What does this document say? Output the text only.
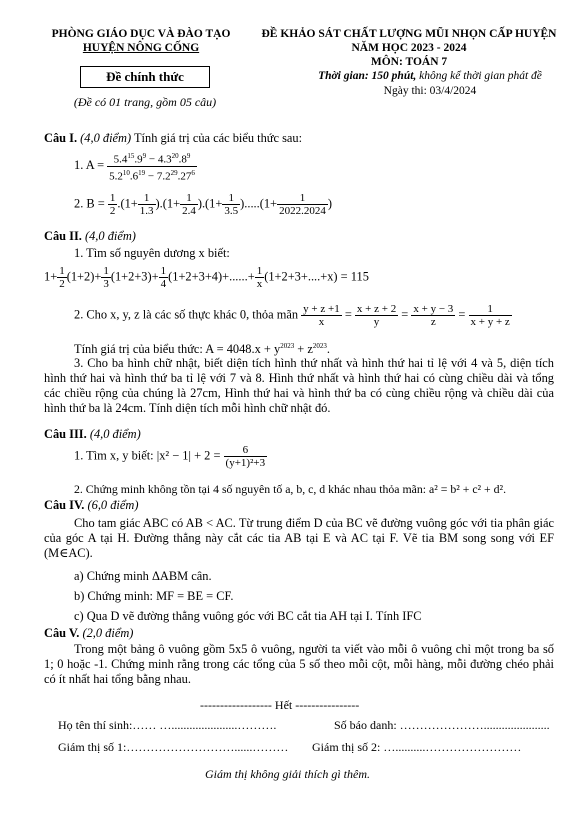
PHÒNG GIÁO DỤC VÀ ĐÀO TẠO
HUYỆN NÔNG CỐNG
Đề chính thức
(Đề có 01 trang, gồm 05 câu)
ĐỀ KHẢO SÁT CHẤT LƯỢNG MŨI NHỌN CẤP HUYỆN
NĂM HỌC 2023 - 2024
MÔN: TOÁN 7
Thời gian: 150 phút, không kể thời gian phát đề
Ngày thi: 03/4/2024
Câu I. (4,0 điểm) Tính giá trị của các biểu thức sau:
1. $A = \frac{5.4^{15}.9^9 - 4.3^{20}.8^9}{5.2^{10}.6^{19} - 7.2^{29}.27^6}$
2. $B = \frac{1}{2} .(1+ \frac{1}{1.3} ).(1+ \frac{1}{2.4} ).(1+ \frac{1}{3.5} ).....(1+ \frac{1}{2022.2024}$ )
Câu II. (4,0 điểm)
1. Tìm số nguyên dương x biết:
$1+ \frac{1}{2} (1+2)+ \frac{1}{3} (1+2+3)+ \frac{1}{4} (1+2+3+4)+......+ \frac{1}{x} (1+2+3+....+x) = 115$
2. Cho x, y, z là các số thực khác 0, thỏa mãn $\frac{y + z +1}{x} = \frac{x + z + 2}{y} = \frac{x + y - 3}{z} = \frac{1}{x + y + z}$
Tính giá trị của biểu thức: $A = 4048.x + y^{2023} + z^{2023}$.
3. Cho ba hình chữ nhật, biết diện tích hình thứ nhất và hình thứ hai tỉ lệ với 4 và 5, diện tích hình thứ hai và hình thứ ba tỉ lệ với 7 và 8. Hình thứ nhất và hình thứ hai có cùng chiều dài và tổng các chiều rộng của chúng là 27cm, Hình thứ hai và hình thứ ba có cùng chiều rộng và chiều dài của hình thứ ba là 24cm. Tính diện tích mỗi hình chữ nhật đó.
Câu III. (4,0 điểm)
1. Tìm x, y biết: $|x^2 - 1| + 2 = \frac{6}{\text{(y+1)²+3}}$
2. Chứng minh không tồn tại 4 số nguyên tố a, b, c, d khác nhau thỏa mãn: a² = b² + c² + d².
Câu IV. (6,0 điểm)
Cho tam giác ABC có AB < AC. Từ trung điểm D của BC vẽ đường vuông góc với tia phân giác của góc A tại H. Đường thẳng này cắt các tia AB tại E và AC tại F. Vẽ tia BM song song với EF (M∈AC).
a) Chứng minh ΔABM cân.
b) Chứng minh: MF = BE = CF.
c) Qua D vẽ đường thẳng vuông góc với BC cắt tia AH tại I. Tính IFC
Câu V. (2,0 điểm)
Trong một bảng ô vuông gồm 5x5 ô vuông, người ta viết vào mỗi ô vuông chỉ một trong ba số 1; 0 hoặc -1. Chứng minh rằng trong các tổng của 5 số theo mỗi cột, mỗi hàng, mỗi đường chéo phải có ít nhất hai tổng bằng nhau.
------------------ Hết ----------------
Họ tên thí sinh:…… …......................……….	Số báo danh: …………………......................
Giám thị số 1:………………………......……… Giám thị số 2: …..........……………………
Giám thị không giải thích gì thêm.
